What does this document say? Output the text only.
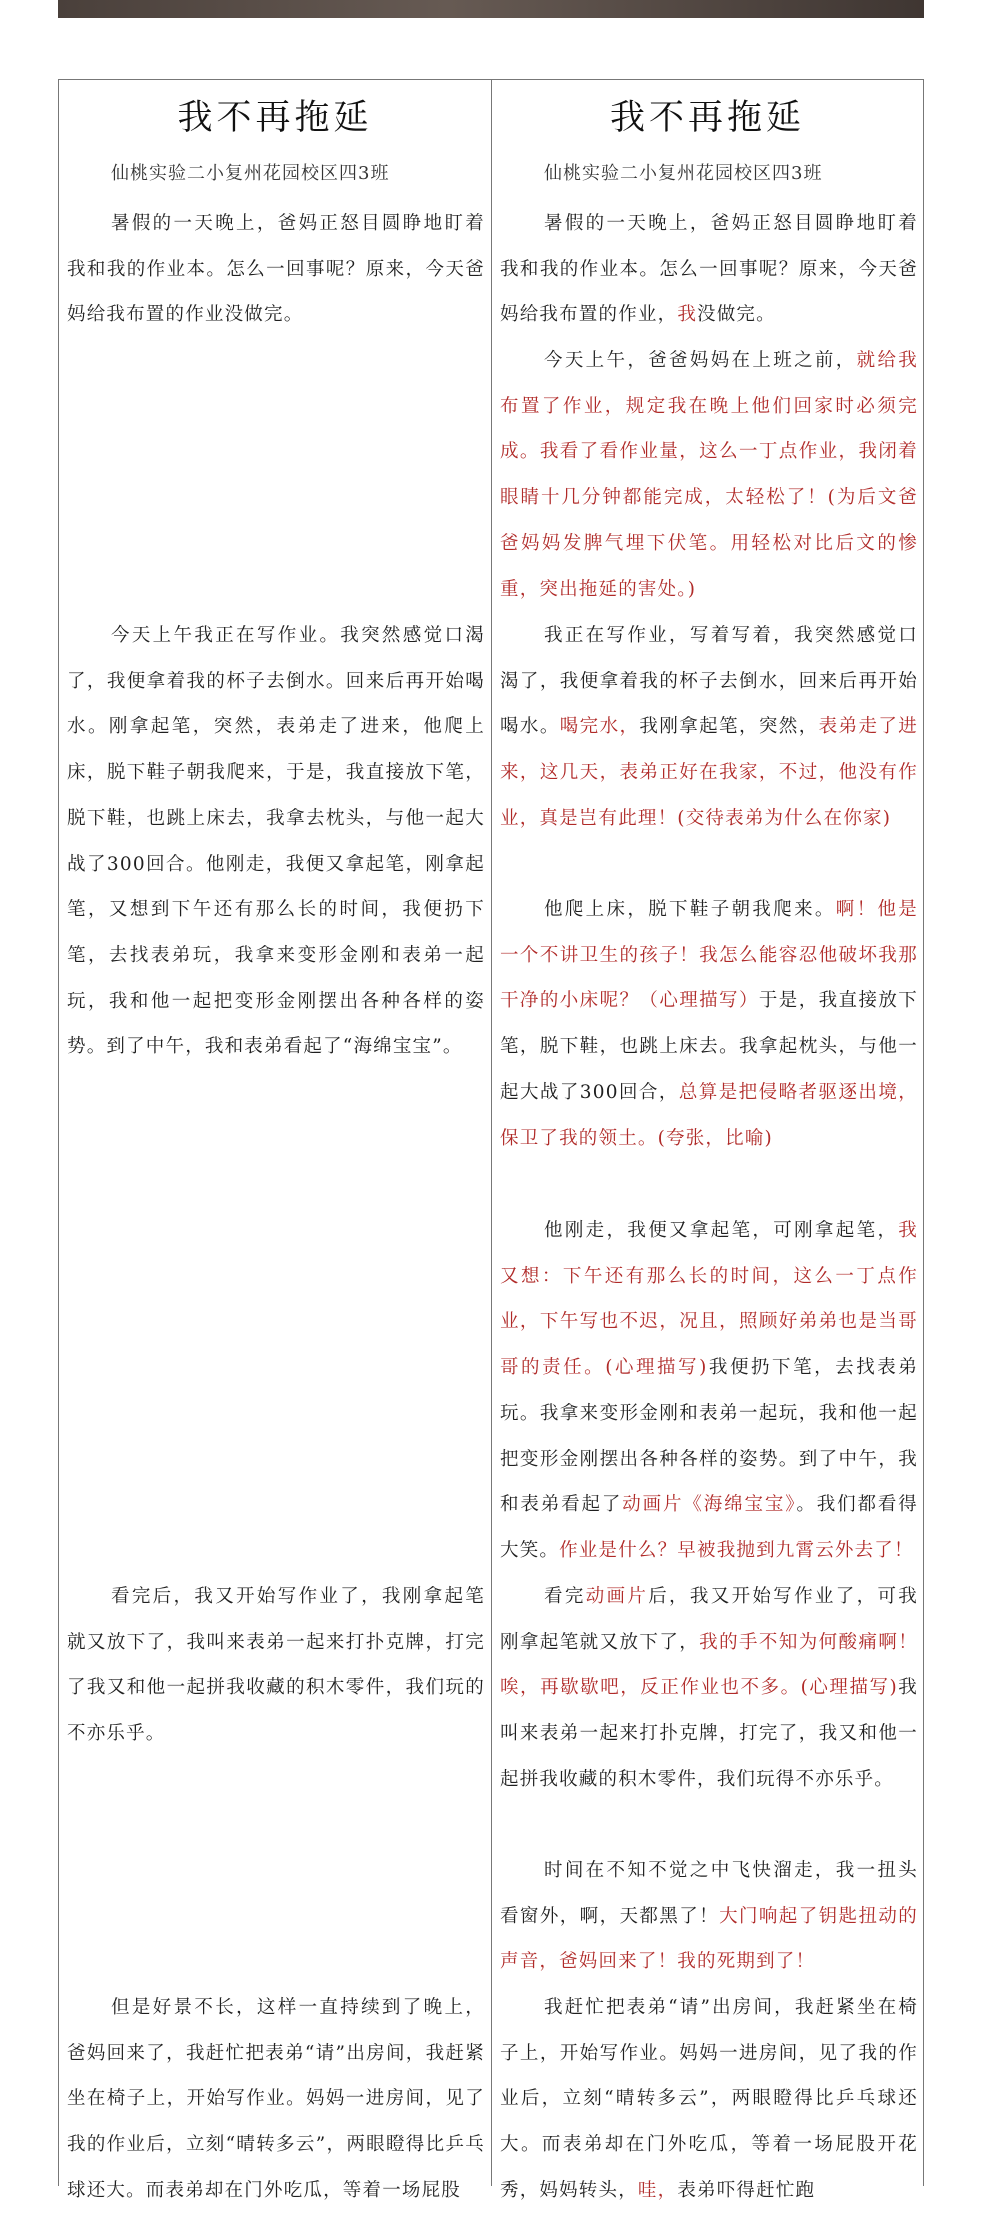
我不再拖延
仙桃实验二小复州花园校区四3班

暑假的一天晚上，爸妈正怒目圆睁地盯着我和我的作业本。怎么一回事呢？原来，今天爸妈给我布置的作业没做完。

今天上午我正在写作业。我突然感觉口渴了，我便拿着我的杯子去倒水。回来后再开始喝水。刚拿起笔，突然，表弟走了进来，他爬上床，脱下鞋子朝我爬来，于是，我直接放下笔，脱下鞋，也跳上床去，我拿去枕头，与他一起大战了300回合。他刚走，我便又拿起笔，刚拿起笔，又想到下午还有那么长的时间，我便扔下笔，去找表弟玩，我拿来变形金刚和表弟一起玩，我和他一起把变形金刚摆出各种各样的姿势。到了中午，我和表弟看起了“海绵宝宝”。

看完后，我又开始写作业了，我刚拿起笔就又放下了，我叫来表弟一起来打扑克牌，打完了我又和他一起拼我收藏的积木零件，我们玩的不亦乐乎。

但是好景不长，这样一直持续到了晚上，爸妈回来了，我赶忙把表弟“请”出房间，我赶紧坐在椅子上，开始写作业。妈妈一进房间，见了我的作业后，立刻“晴转多云”，两眼瞪得比乒乓球还大。而表弟却在门外吃瓜，等着一场屁股

我不再拖延
仙桃实验二小复州花园校区四3班

暑假的一天晚上，爸妈正怒目圆睁地盯着我和我的作业本。怎么一回事呢？原来，今天爸妈给我布置的作业，我没做完。

今天上午，爸爸妈妈在上班之前，就给我布置了作业，规定我在晚上他们回家时必须完成。我看了看作业量，这么一丁点作业，我闭着眼睛十几分钟都能完成，太轻松了！(为后文爸爸妈妈发脾气埋下伏笔。用轻松对比后文的惨重，突出拖延的害处。)

我正在写作业，写着写着，我突然感觉口渴了，我便拿着我的杯子去倒水，回来后再开始喝水。喝完水，我刚拿起笔，突然，表弟走了进来，这几天，表弟正好在我家，不过，他没有作业，真是岂有此理！(交待表弟为什么在你家)

他爬上床，脱下鞋子朝我爬来。啊！他是一个不讲卫生的孩子！我怎么能容忍他破坏我那干净的小床呢？（心理描写）于是，我直接放下笔，脱下鞋，也跳上床去。我拿起枕头，与他一起大战了300回合，总算是把侵略者驱逐出境，保卫了我的领土。(夸张，比喻)

他刚走，我便又拿起笔，可刚拿起笔，我又想：下午还有那么长的时间，这么一丁点作业，下午写也不迟，况且，照顾好弟弟也是当哥哥的责任。(心理描写)我便扔下笔，去找表弟玩。我拿来变形金刚和表弟一起玩，我和他一起把变形金刚摆出各种各样的姿势。到了中午，我和表弟看起了动画片《海绵宝宝》。我们都看得大笑。作业是什么？早被我抛到九霄云外去了！

看完动画片后，我又开始写作业了，可我刚拿起笔就又放下了，我的手不知为何酸痛啊！唉，再歇歇吧，反正作业也不多。(心理描写)我叫来表弟一起来打扑克牌，打完了，我又和他一起拼我收藏的积木零件，我们玩得不亦乐乎。

时间在不知不觉之中飞快溜走，我一扭头看窗外，啊，天都黑了！大门响起了钥匙扭动的声音，爸妈回来了！我的死期到了！

我赶忙把表弟“请”出房间，我赶紧坐在椅子上，开始写作业。妈妈一进房间，见了我的作业后，立刻“晴转多云”，两眼瞪得比乒乓球还大。而表弟却在门外吃瓜，等着一场屁股开花秀，妈妈转头，哇，表弟吓得赶忙跑
